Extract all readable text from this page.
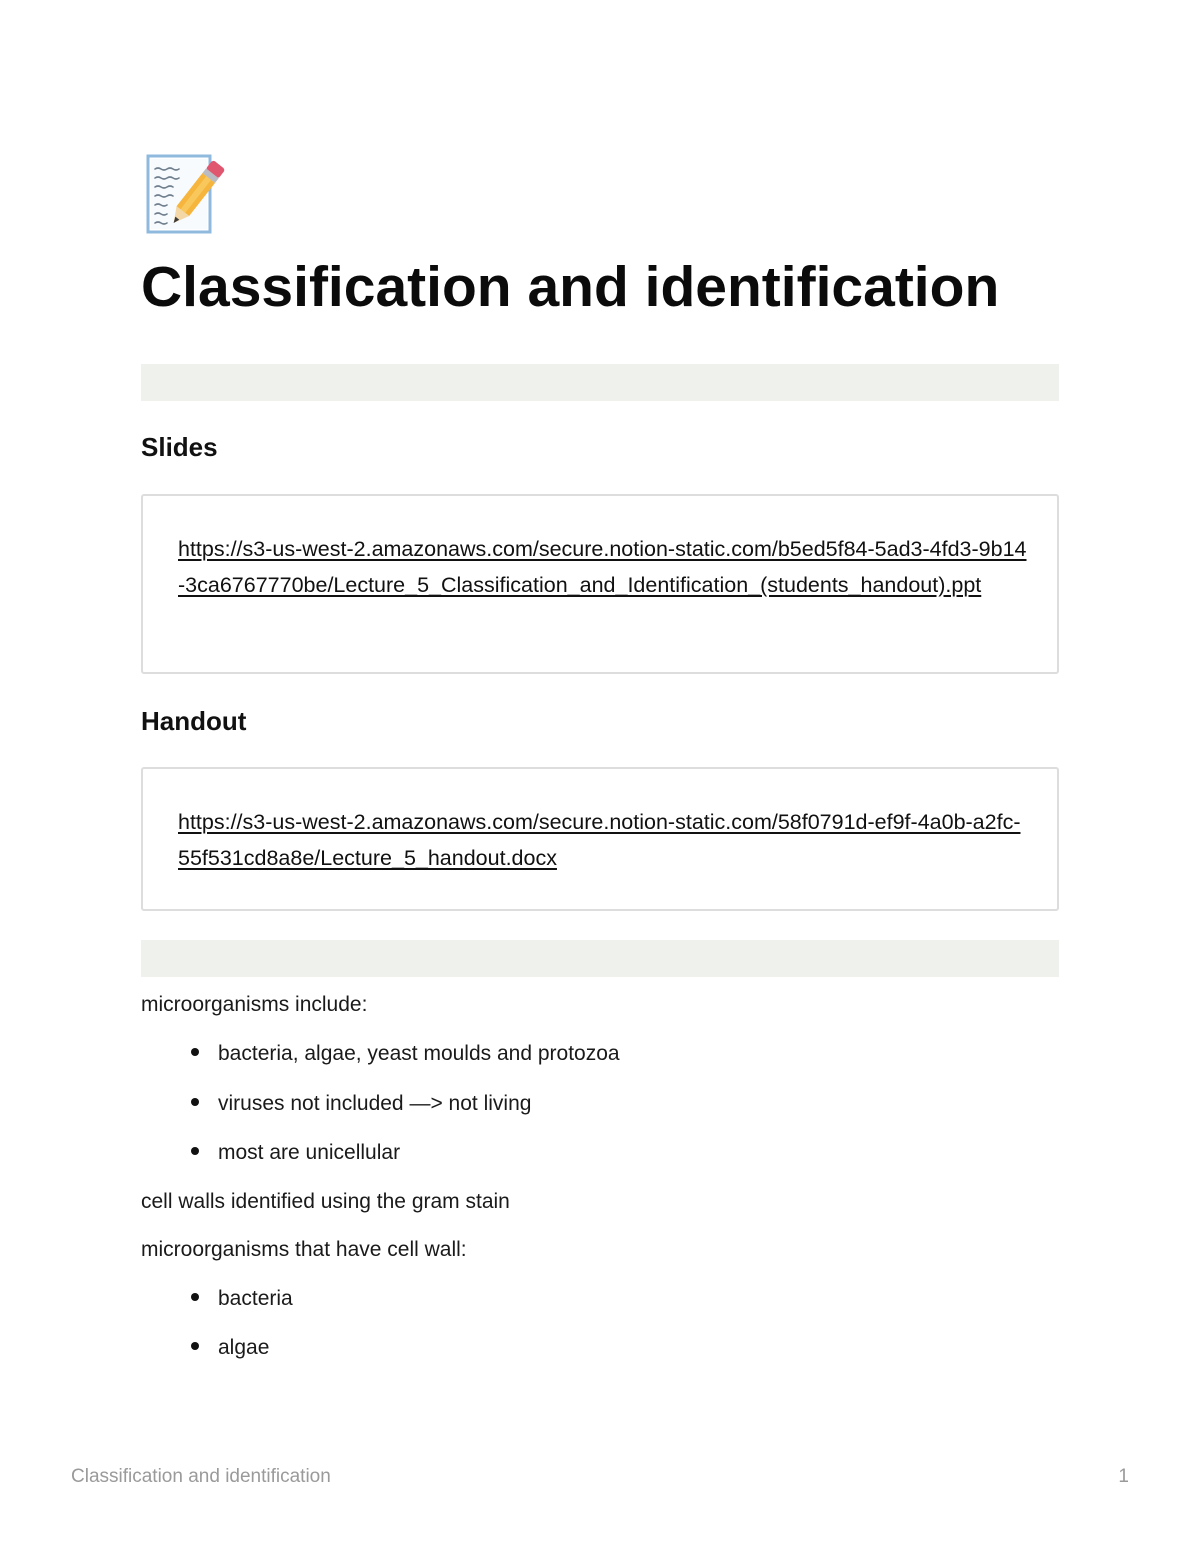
Classification and identification
Slides
https://s3-us-west-2.amazonaws.com/secure.notion-static.com/b5ed5f84-5ad3-4fd3-9b14-3ca6767770be/Lecture_5_Classification_and_Identification_(students_handout).ppt
Handout
https://s3-us-west-2.amazonaws.com/secure.notion-static.com/58f0791d-ef9f-4a0b-a2fc-55f531cd8a8e/Lecture_5_handout.docx

microorganisms include:

bacteria, algae, yeast moulds and protozoa

viruses not included —> not living

most are unicellular

cell walls identified using the gram stain

microorganisms that have cell wall:

bacteria

algae

Classification and identification	1
